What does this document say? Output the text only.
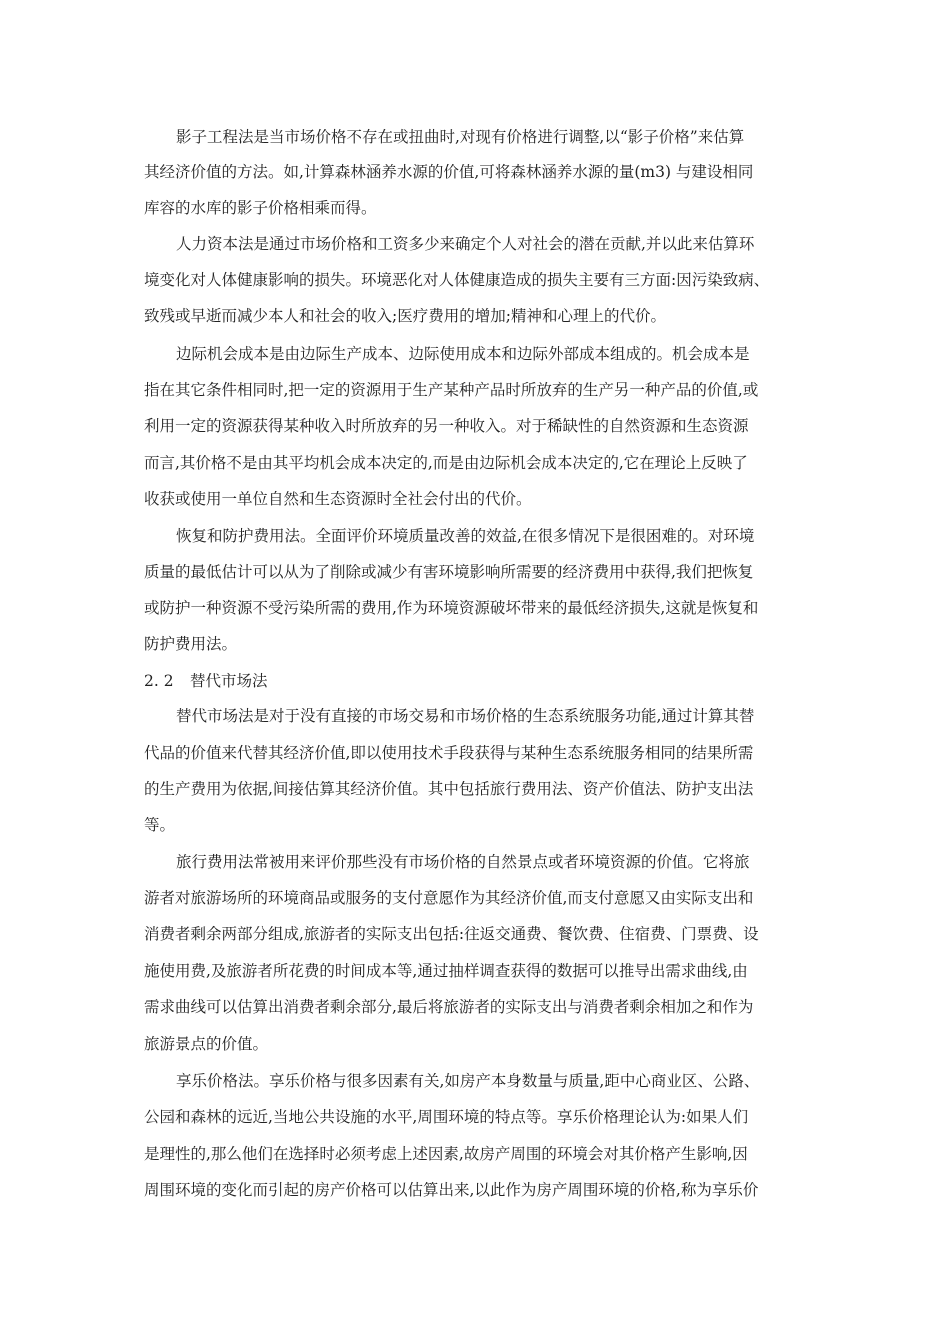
影子工程法是当市场价格不存在或扭曲时,对现有价格进行调整,以“影子价格”来估算
其经济价值的方法。如,计算森林涵养水源的价值,可将森林涵养水源的量(m3) 与建设相同
库容的水库的影子价格相乘而得。
人力资本法是通过市场价格和工资多少来确定个人对社会的潜在贡献,并以此来估算环
境变化对人体健康影响的损失。环境恶化对人体健康造成的损失主要有三方面:因污染致病、
致残或早逝而减少本人和社会的收入;医疗费用的增加;精神和心理上的代价。
边际机会成本是由边际生产成本、边际使用成本和边际外部成本组成的。机会成本是
指在其它条件相同时,把一定的资源用于生产某种产品时所放弃的生产另一种产品的价值,或
利用一定的资源获得某种收入时所放弃的另一种收入。对于稀缺性的自然资源和生态资源
而言,其价格不是由其平均机会成本决定的,而是由边际机会成本决定的,它在理论上反映了
收获或使用一单位自然和生态资源时全社会付出的代价。
恢复和防护费用法。全面评价环境质量改善的效益,在很多情况下是很困难的。对环境
质量的最低估计可以从为了削除或减少有害环境影响所需要的经济费用中获得,我们把恢复
或防护一种资源不受污染所需的费用,作为环境资源破坏带来的最低经济损失,这就是恢复和
防护费用法。
2. 2 替代市场法
替代市场法是对于没有直接的市场交易和市场价格的生态系统服务功能,通过计算其替
代品的价值来代替其经济价值,即以使用技术手段获得与某种生态系统服务相同的结果所需
的生产费用为依据,间接估算其经济价值。其中包括旅行费用法、资产价值法、防护支出法
等。
旅行费用法常被用来评价那些没有市场价格的自然景点或者环境资源的价值。它将旅
游者对旅游场所的环境商品或服务的支付意愿作为其经济价值,而支付意愿又由实际支出和
消费者剩余两部分组成,旅游者的实际支出包括:往返交通费、餐饮费、住宿费、门票费、设
施使用费,及旅游者所花费的时间成本等,通过抽样调查获得的数据可以推导出需求曲线,由
需求曲线可以估算出消费者剩余部分,最后将旅游者的实际支出与消费者剩余相加之和作为
旅游景点的价值。
享乐价格法。享乐价格与很多因素有关,如房产本身数量与质量,距中心商业区、公路、
公园和森林的远近,当地公共设施的水平,周围环境的特点等。享乐价格理论认为:如果人们
是理性的,那么他们在选择时必须考虑上述因素,故房产周围的环境会对其价格产生影响,因
周围环境的变化而引起的房产价格可以估算出来,以此作为房产周围环境的价格,称为享乐价
